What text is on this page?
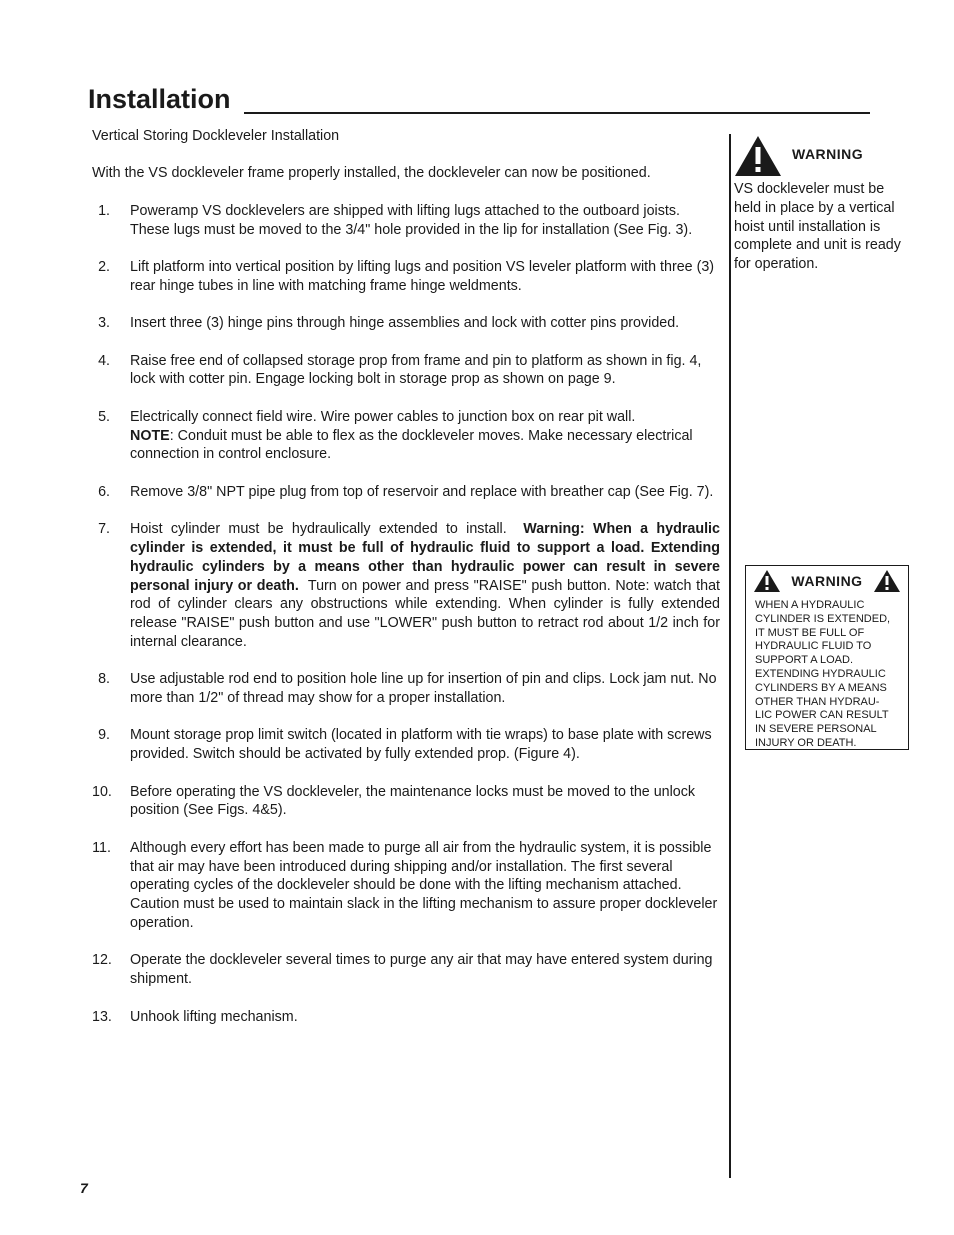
Installation

Vertical Storing Dockleveler Installation

With the VS dockleveler frame properly installed, the dockleveler can now be positioned.

1. Poweramp VS docklevelers are shipped with lifting lugs attached to the outboard joists. These lugs must be moved to the 3/4" hole provided in the lip for installation (See Fig. 3).
2. Lift platform into vertical position by lifting lugs and position VS leveler platform with three (3) rear hinge tubes in line with matching frame hinge weldments.
3. Insert three (3) hinge pins through hinge assemblies and lock with cotter pins provided.
4. Raise free end of collapsed storage prop from frame and pin to platform as shown in fig. 4, lock with cotter pin. Engage locking bolt in storage prop as shown on page 9.
5. Electrically connect field wire. Wire power cables to junction box on rear pit wall.
NOTE: Conduit must be able to flex as the dockleveler moves. Make necessary electrical connection in control enclosure.
6. Remove 3/8" NPT pipe plug from top of reservoir and replace with breather cap (See Fig. 7).
7. Hoist cylinder must be hydraulically extended to install. Warning: When a hydraulic cylinder is extended, it must be full of hydraulic fluid to support a load. Extending hydraulic cylinders by a means other than hydraulic power can result in severe personal injury or death. Turn on power and press "RAISE" push button. Note: watch that rod of cylinder clears any obstructions while extending. When cylinder is fully extended release "RAISE" push button and use "LOWER" push button to retract rod about 1/2 inch for internal clearance.
8. Use adjustable rod end to position hole line up for insertion of pin and clips. Lock jam nut. No more than 1/2" of thread may show for a proper installation.
9. Mount storage prop limit switch (located in platform with tie wraps) to base plate with screws provided. Switch should be activated by fully extended prop. (Figure 4).
10. Before operating the VS dockleveler, the maintenance locks must be moved to the unlock position (See Figs. 4&5).
11. Although every effort has been made to purge all air from the hydraulic system, it is possible that air may have been introduced during shipping and/or installation. The first several operating cycles of the dockleveler should be done with the lifting mechanism attached. Caution must be used to maintain slack in the lifting mechanism to assure proper dockleveler operation.
12. Operate the dockleveler several times to purge any air that may have entered system during shipment.
13. Unhook lifting mechanism.
WARNING
VS dockleveler must be held in place by a vertical hoist until installation is complete and unit is ready for operation.
WARNING
WHEN A HYDRAULIC
CYLINDER IS EXTENDED,
IT MUST BE FULL OF
HYDRAULIC FLUID TO
SUPPORT A LOAD.
EXTENDING HYDRAULIC
CYLINDERS BY A MEANS
OTHER THAN HYDRAU-
LIC POWER CAN RESULT
IN SEVERE PERSONAL
INJURY OR DEATH.
7
